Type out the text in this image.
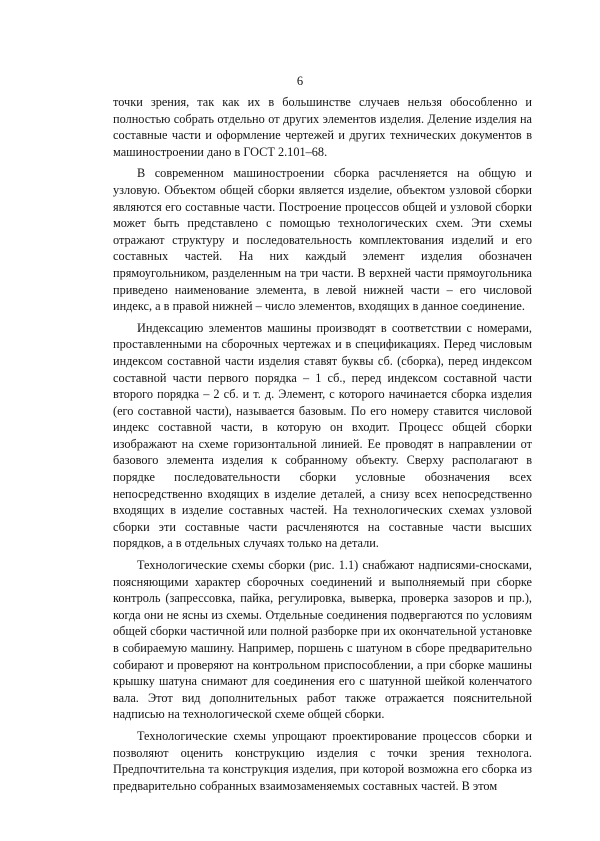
6

точки зрения, так как их в большинстве случаев нельзя обособленно и полностью собрать отдельно от других элементов изделия. Деление изделия на составные части и оформление чертежей и других технических документов в машиностроении дано в ГОСТ 2.101–68.

В современном машиностроении сборка расчленяется на общую и узловую. Объектом общей сборки является изделие, объектом узловой сборки являются его составные части. Построение процессов общей и узловой сборки может быть представлено с помощью технологических схем. Эти схемы отражают структуру и последовательность комплектования изделий и его составных частей. На них каждый элемент изделия обозначен прямоугольником, разделенным на три части. В верхней части прямоугольника приведено наименование элемента, в левой нижней части – его числовой индекс, а в правой нижней – число элементов, входящих в данное соединение.

Индексацию элементов машины производят в соответствии с номерами, проставленными на сборочных чертежах и в спецификациях. Перед числовым индексом составной части изделия ставят буквы сб. (сборка), перед индексом составной части первого порядка – 1 сб., перед индексом составной части второго порядка – 2 сб. и т. д. Элемент, с которого начинается сборка изделия (его составной части), называется базовым. По его номеру ставится числовой индекс составной части, в которую он входит. Процесс общей сборки изображают на схеме горизонтальной линией. Ее проводят в направлении от базового элемента изделия к собранному объекту. Сверху располагают в порядке последовательности сборки условные обозначения всех непосредственно входящих в изделие деталей, а снизу всех непосредственно входящих в изделие составных частей. На технологических схемах узловой сборки эти составные части расчленяются на составные части высших порядков, а в отдельных случаях только на детали.

Технологические схемы сборки (рис. 1.1) снабжают надписями-сносками, поясняющими характер сборочных соединений и выполняемый при сборке контроль (запрессовка, пайка, регулировка, выверка, проверка зазоров и пр.), когда они не ясны из схемы. Отдельные соединения подвергаются по условиям общей сборки частичной или полной разборке при их окончательной установке в собираемую машину. Например, поршень с шатуном в сборе предварительно собирают и проверяют на контрольном приспособлении, а при сборке машины крышку шатуна снимают для соединения его с шатунной шейкой коленчатого вала. Этот вид дополнительных работ также отражается пояснительной надписью на технологической схеме общей сборки.

Технологические схемы упрощают проектирование процессов сборки и позволяют оценить конструкцию изделия с точки зрения технолога. Предпочтительна та конструкция изделия, при которой возможна его сборка из предварительно собранных взаимозаменяемых составных частей. В этом
